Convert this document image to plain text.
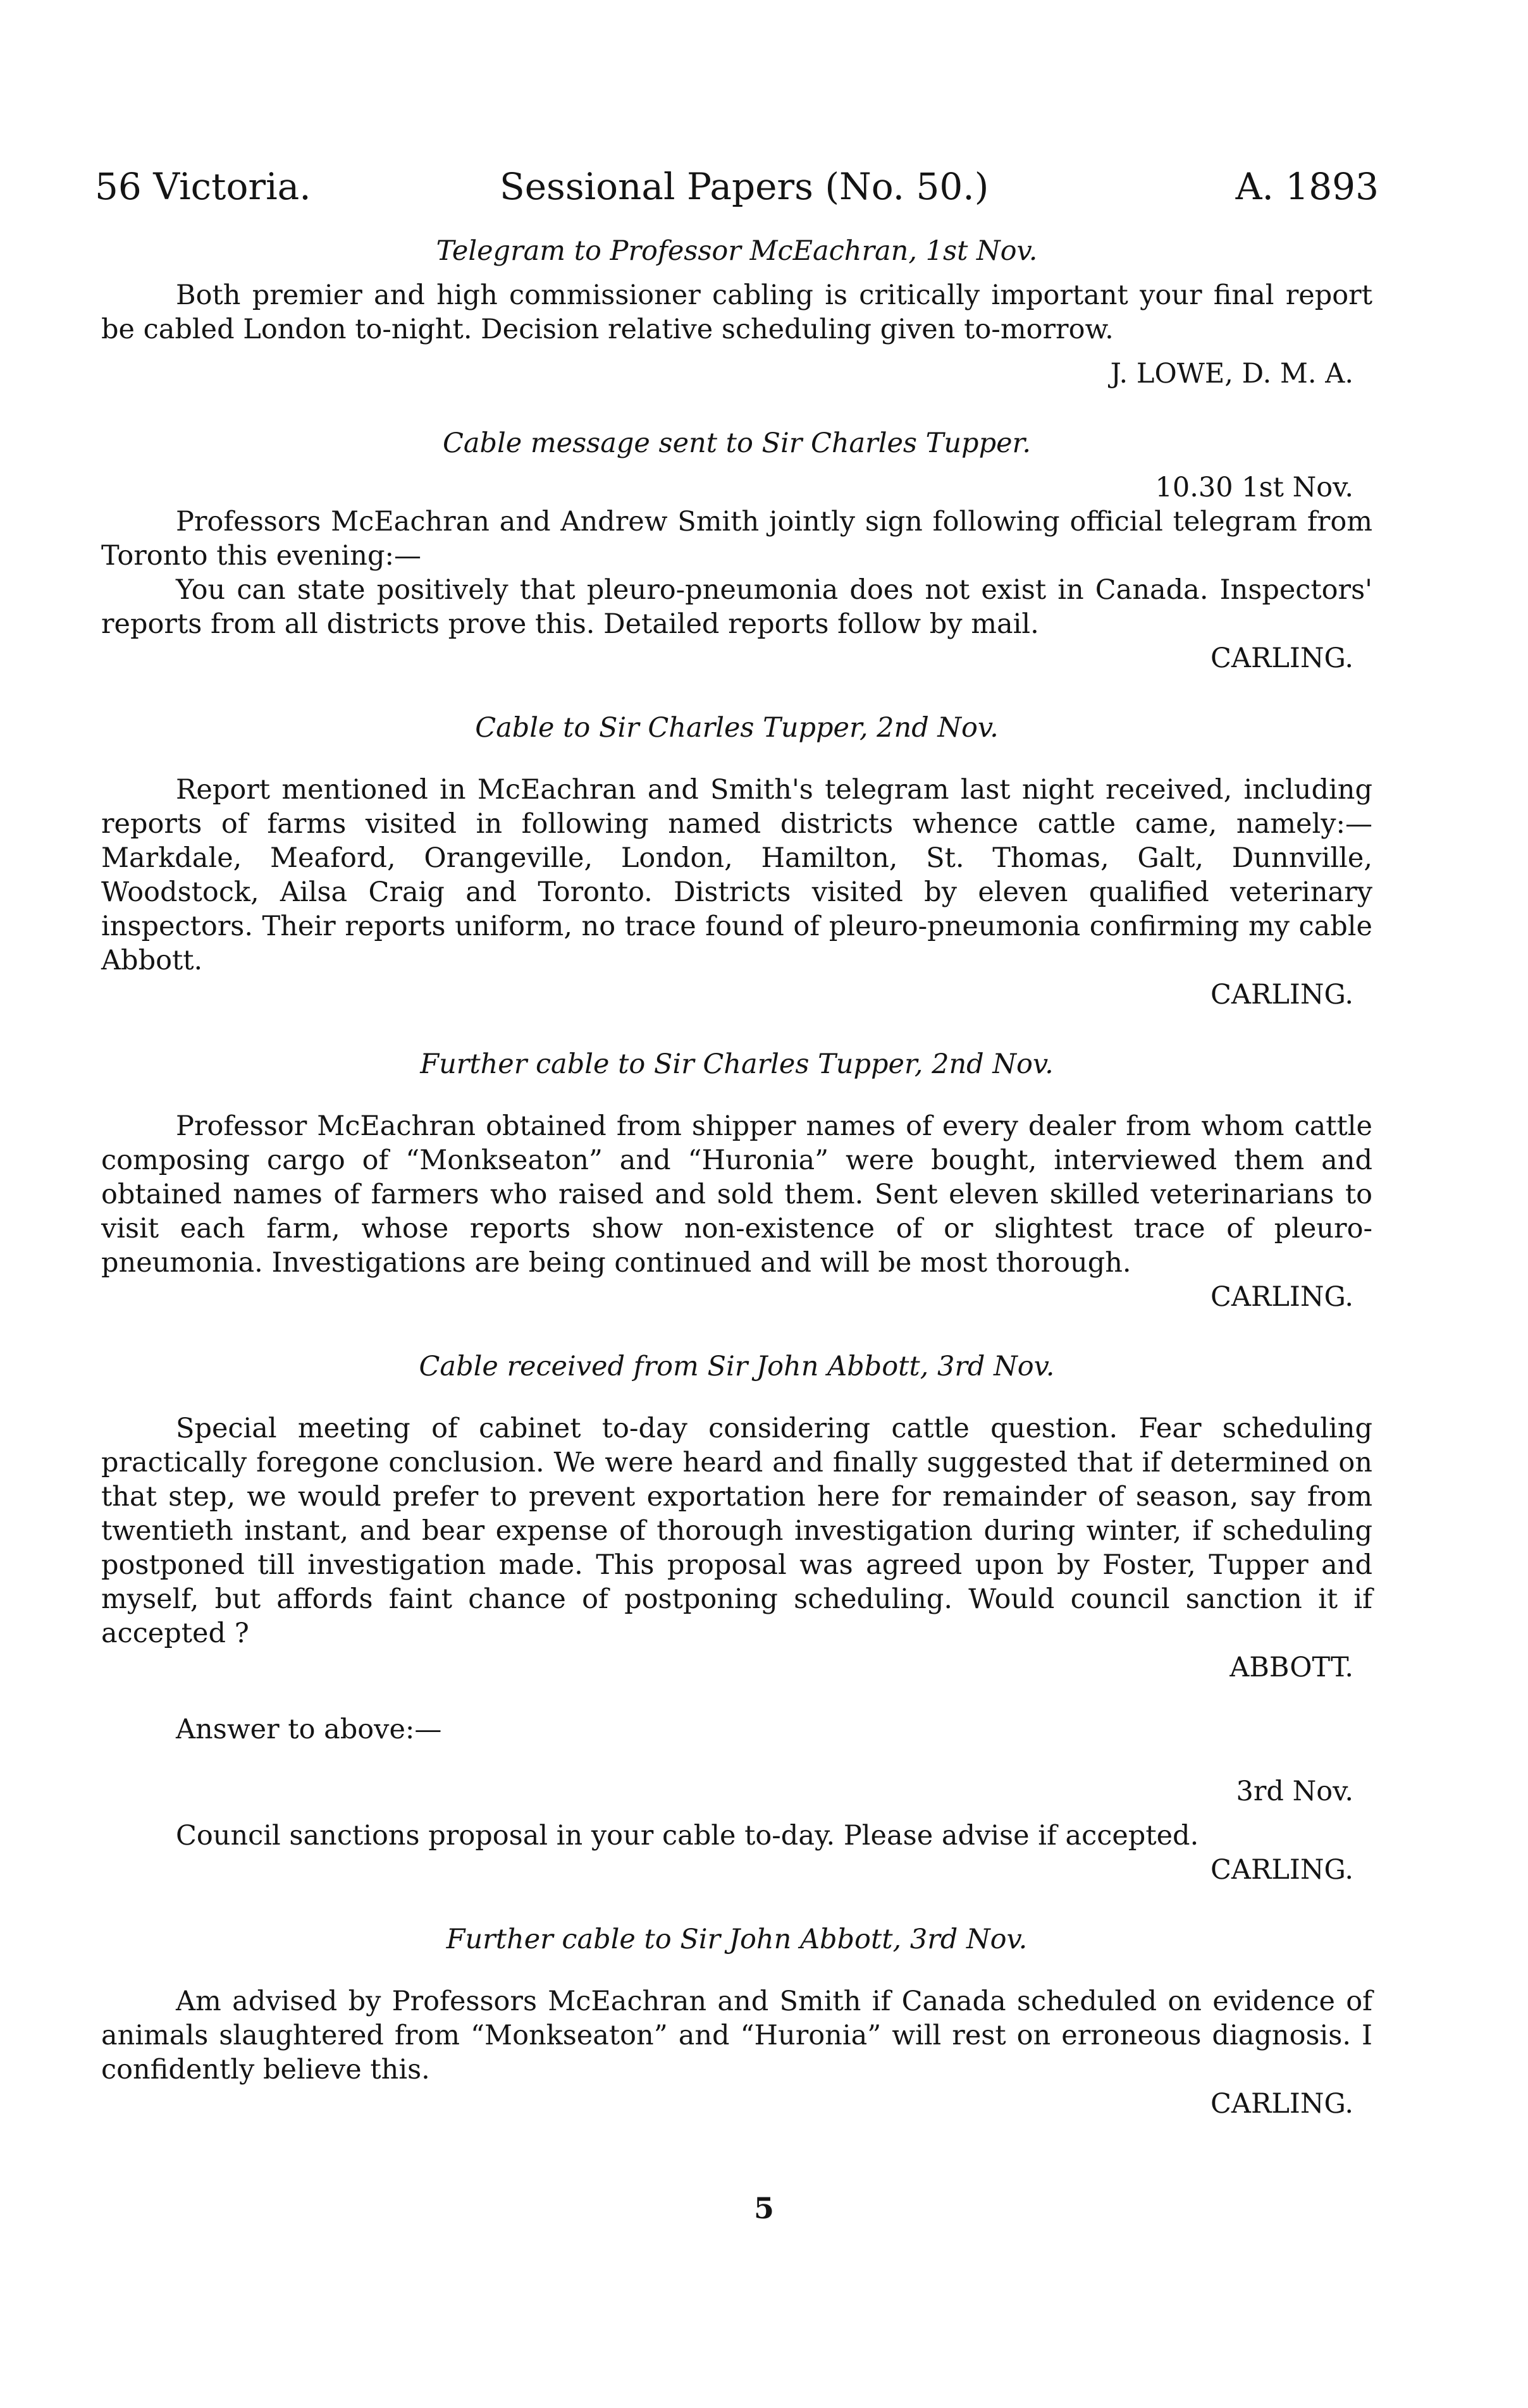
56 Victoria.	Sessional Papers (No. 50.)	A. 1893

Telegram to Professor McEachran, 1st Nov.

Both premier and high commissioner cabling is critically important your final report be cabled London to-night. Decision relative scheduling given to-morrow.

J. LOWE, D. M. A.

Cable message sent to Sir Charles Tupper.

10.30 1st Nov.

Professors McEachran and Andrew Smith jointly sign following official telegram from Toronto this evening:—

You can state positively that pleuro-pneumonia does not exist in Canada. Inspectors' reports from all districts prove this. Detailed reports follow by mail.

CARLING.

Cable to Sir Charles Tupper, 2nd Nov.

Report mentioned in McEachran and Smith's telegram last night received, including reports of farms visited in following named districts whence cattle came, namely:—Markdale, Meaford, Orangeville, London, Hamilton, St. Thomas, Galt, Dunnville, Woodstock, Ailsa Craig and Toronto. Districts visited by eleven qualified veterinary inspectors. Their reports uniform, no trace found of pleuro-pneumonia confirming my cable Abbott.

CARLING.

Further cable to Sir Charles Tupper, 2nd Nov.

Professor McEachran obtained from shipper names of every dealer from whom cattle composing cargo of “Monkseaton” and “Huronia” were bought, interviewed them and obtained names of farmers who raised and sold them. Sent eleven skilled veterinarians to visit each farm, whose reports show non-existence of or slightest trace of pleuro-pneumonia. Investigations are being continued and will be most thorough.

CARLING.

Cable received from Sir John Abbott, 3rd Nov.

Special meeting of cabinet to-day considering cattle question. Fear scheduling practically foregone conclusion. We were heard and finally suggested that if determined on that step, we would prefer to prevent exportation here for remainder of season, say from twentieth instant, and bear expense of thorough investigation during winter, if scheduling postponed till investigation made. This proposal was agreed upon by Foster, Tupper and myself, but affords faint chance of postponing scheduling. Would council sanction it if accepted ?

ABBOTT.

Answer to above:—

3rd Nov.

Council sanctions proposal in your cable to-day. Please advise if accepted.

CARLING.

Further cable to Sir John Abbott, 3rd Nov.

Am advised by Professors McEachran and Smith if Canada scheduled on evidence of animals slaughtered from “Monkseaton” and “Huronia” will rest on erroneous diagnosis. I confidently believe this.

CARLING.

5
